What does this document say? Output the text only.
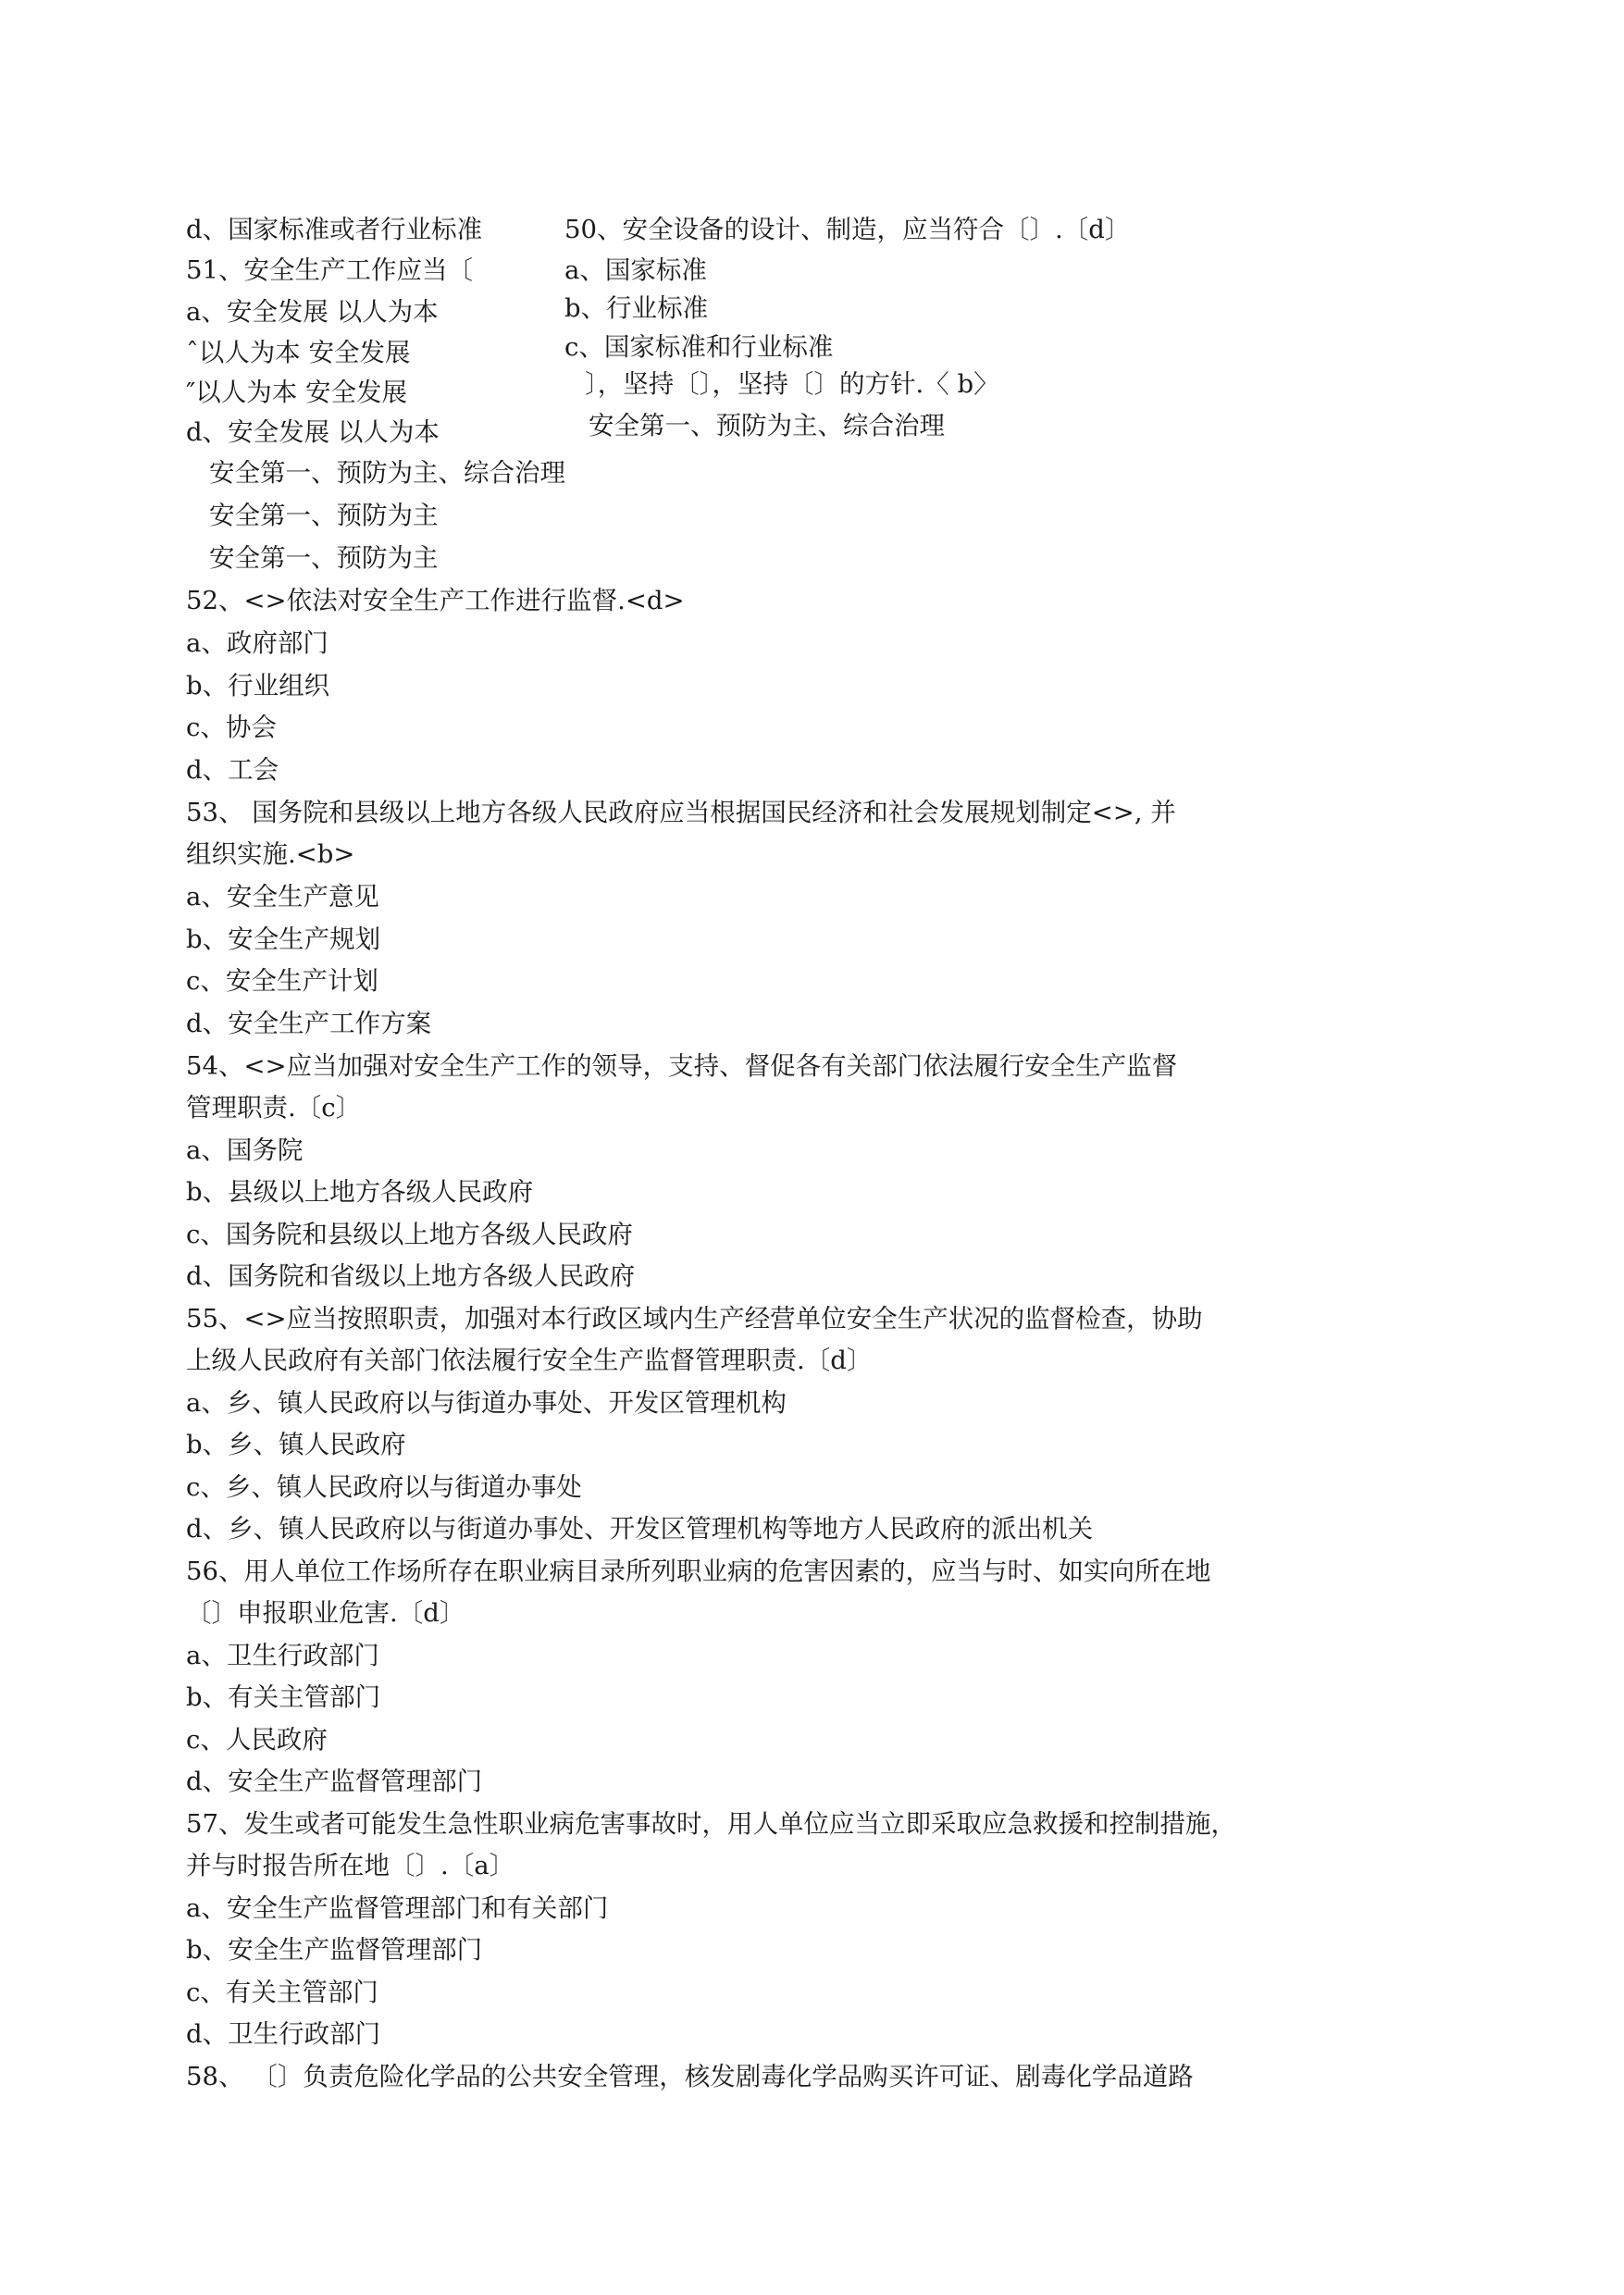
d、国家标准或者行业标准	50、安全设备的设计、制造，应当符合〔〕.〔d〕
51、安全生产工作应当〔	a、国家标准
a、安全发展 以人为本	b、行业标准
ˆ以人为本 安全发展	c、国家标准和行业标准
″以人为本 安全发展	〕，坚持〔〕，坚持〔〕的方针.〈 b〉
d、安全发展 以人为本	安全第一、预防为主、综合治理
安全第一、预防为主、综合治理
安全第一、预防为主
安全第一、预防为主
52、<>依法对安全生产工作进行监督.<d>
a、政府部门
b、行业组织
c、协会
d、工会
53、 国务院和县级以上地方各级人民政府应当根据国民经济和社会发展规划制定<>, 并
组织实施.<b>
a、安全生产意见
b、安全生产规划
c、安全生产计划
d、安全生产工作方案
54、<>应当加强对安全生产工作的领导，支持、督促各有关部门依法履行安全生产监督
管理职责.〔c〕
a、国务院
b、县级以上地方各级人民政府
c、国务院和县级以上地方各级人民政府
d、国务院和省级以上地方各级人民政府
55、<>应当按照职责，加强对本行政区域内生产经营单位安全生产状况的监督检查，协助
上级人民政府有关部门依法履行安全生产监督管理职责.〔d〕
a、乡、镇人民政府以与街道办事处、开发区管理机构
b、乡、镇人民政府
c、乡、镇人民政府以与街道办事处
d、乡、镇人民政府以与街道办事处、开发区管理机构等地方人民政府的派出机关
56、用人单位工作场所存在职业病目录所列职业病的危害因素的，应当与时、如实向所在地
〔〕申报职业危害.〔d〕
a、卫生行政部门
b、有关主管部门
c、人民政府
d、安全生产监督管理部门
57、发生或者可能发生急性职业病危害事故时，用人单位应当立即采取应急救援和控制措施，
并与时报告所在地〔〕.〔a〕
a、安全生产监督管理部门和有关部门
b、安全生产监督管理部门
c、有关主管部门
d、卫生行政部门
58、 〔〕负责危险化学品的公共安全管理，核发剧毒化学品购买许可证、剧毒化学品道路
